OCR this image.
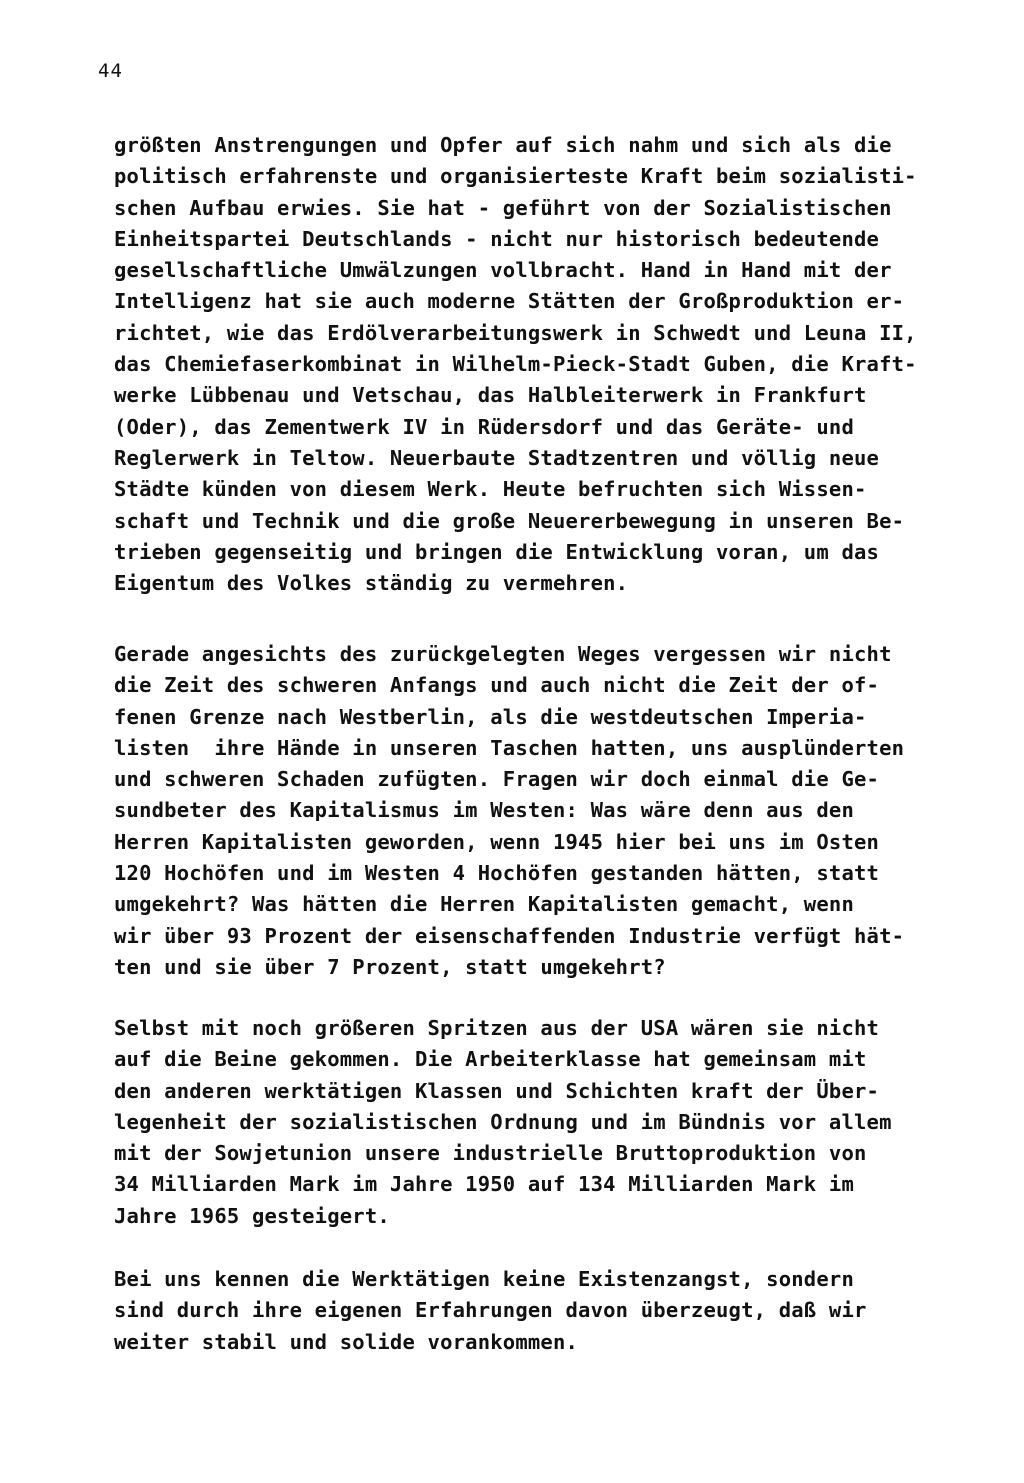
44
größten Anstrengungen und Opfer auf sich nahm und sich als die
politisch erfahrenste und organisierteste Kraft beim sozialisti-
schen Aufbau erwies. Sie hat - geführt von der Sozialistischen
Einheitspartei Deutschlands - nicht nur historisch bedeutende
gesellschaftliche Umwälzungen vollbracht. Hand in Hand mit der
Intelligenz hat sie auch moderne Stätten der Großproduktion er-
richtet, wie das Erdölverarbeitungswerk in Schwedt und Leuna II,
das Chemiefaserkombinat in Wilhelm-Pieck-Stadt Guben, die Kraft-
werke Lübbenau und Vetschau, das Halbleiterwerk in Frankfurt
(Oder), das Zementwerk IV in Rüdersdorf und das Geräte- und
Reglerwerk in Teltow. Neuerbaute Stadtzentren und völlig neue
Städte künden von diesem Werk. Heute befruchten sich Wissen-
schaft und Technik und die große Neuererbewegung in unseren Be-
trieben gegenseitig und bringen die Entwicklung voran, um das
Eigentum des Volkes ständig zu vermehren.
Gerade angesichts des zurückgelegten Weges vergessen wir nicht
die Zeit des schweren Anfangs und auch nicht die Zeit der of-
fenen Grenze nach Westberlin, als die westdeutschen Imperia-
listen  ihre Hände in unseren Taschen hatten, uns ausplünderten
und schweren Schaden zufügten. Fragen wir doch einmal die Ge-
sundbeter des Kapitalismus im Westen: Was wäre denn aus den
Herren Kapitalisten geworden, wenn 1945 hier bei uns im Osten
120 Hochöfen und im Westen 4 Hochöfen gestanden hätten, statt
umgekehrt? Was hätten die Herren Kapitalisten gemacht, wenn
wir über 93 Prozent der eisenschaffenden Industrie verfügt hät-
ten und sie über 7 Prozent, statt umgekehrt?
Selbst mit noch größeren Spritzen aus der USA wären sie nicht
auf die Beine gekommen. Die Arbeiterklasse hat gemeinsam mit
den anderen werktätigen Klassen und Schichten kraft der Über-
legenheit der sozialistischen Ordnung und im Bündnis vor allem
mit der Sowjetunion unsere industrielle Bruttoproduktion von
34 Milliarden Mark im Jahre 1950 auf 134 Milliarden Mark im
Jahre 1965 gesteigert.
Bei uns kennen die Werktätigen keine Existenzangst, sondern
sind durch ihre eigenen Erfahrungen davon überzeugt, daß wir
weiter stabil und solide vorankommen.
